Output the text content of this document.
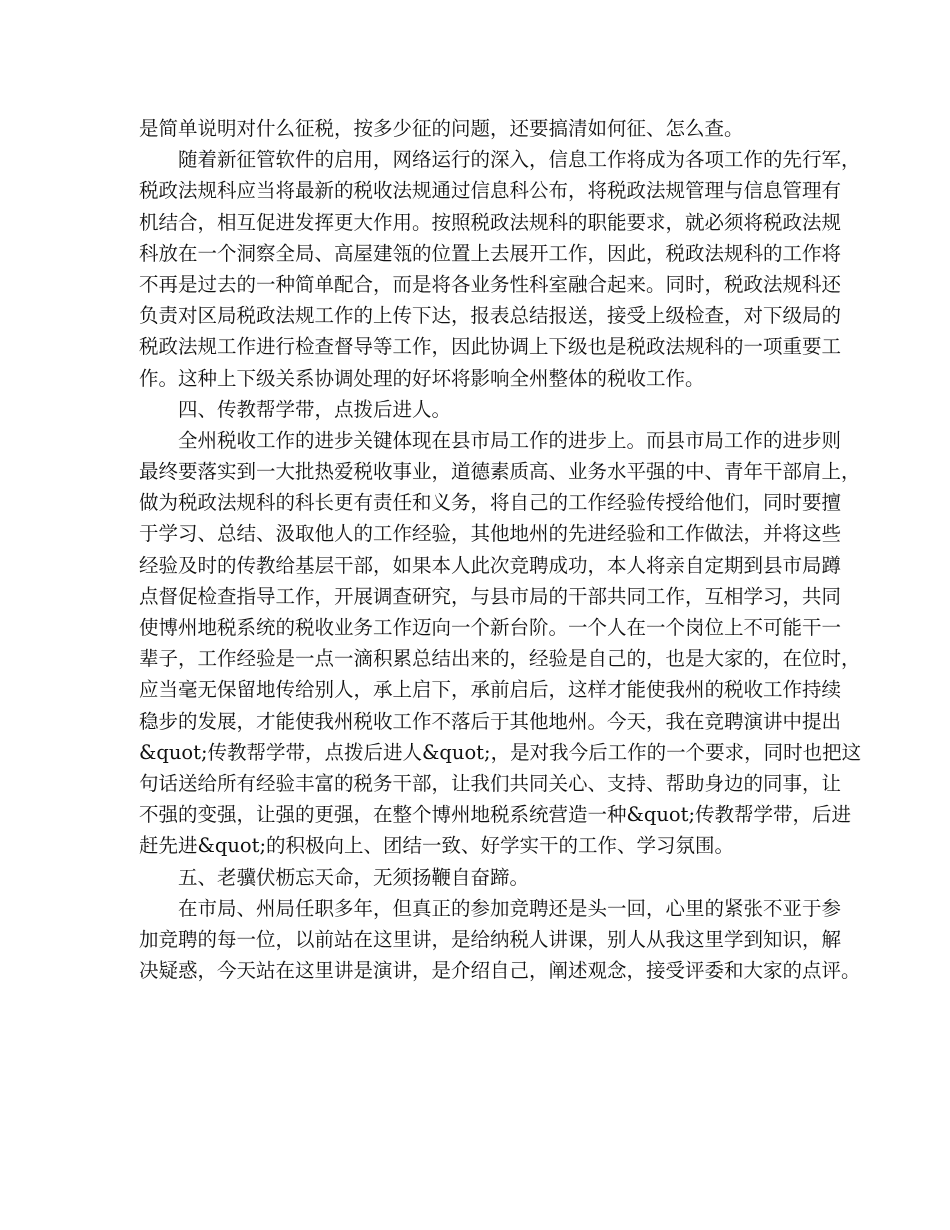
是简单说明对什么征税，按多少征的问题，还要搞清如何征、怎么查。
　　随着新征管软件的启用，网络运行的深入，信息工作将成为各项工作的先行军，
税政法规科应当将最新的税收法规通过信息科公布，将税政法规管理与信息管理有
机结合，相互促进发挥更大作用。按照税政法规科的职能要求，就必须将税政法规
科放在一个洞察全局、高屋建瓴的位置上去展开工作，因此，税政法规科的工作将
不再是过去的一种简单配合，而是将各业务性科室融合起来。同时，税政法规科还
负责对区局税政法规工作的上传下达，报表总结报送，接受上级检查，对下级局的
税政法规工作进行检查督导等工作，因此协调上下级也是税政法规科的一项重要工
作。这种上下级关系协调处理的好坏将影响全州整体的税收工作。
　　四、传教帮学带，点拨后进人。
　　全州税收工作的进步关键体现在县市局工作的进步上。而县市局工作的进步则
最终要落实到一大批热爱税收事业，道德素质高、业务水平强的中、青年干部肩上，
做为税政法规科的科长更有责任和义务，将自己的工作经验传授给他们，同时要擅
于学习、总结、汲取他人的工作经验，其他地州的先进经验和工作做法，并将这些
经验及时的传教给基层干部，如果本人此次竞聘成功，本人将亲自定期到县市局蹲
点督促检查指导工作，开展调查研究，与县市局的干部共同工作，互相学习，共同
使博州地税系统的税收业务工作迈向一个新台阶。一个人在一个岗位上不可能干一
辈子，工作经验是一点一滴积累总结出来的，经验是自己的，也是大家的，在位时，
应当毫无保留地传给别人，承上启下，承前启后，这样才能使我州的税收工作持续
稳步的发展，才能使我州税收工作不落后于其他地州。今天，我在竞聘演讲中提出
&quot;传教帮学带，点拨后进人&quot;，是对我今后工作的一个要求，同时也把这
句话送给所有经验丰富的税务干部，让我们共同关心、支持、帮助身边的同事，让
不强的变强，让强的更强，在整个博州地税系统营造一种&quot;传教帮学带，后进
赶先进&quot;的积极向上、团结一致、好学实干的工作、学习氛围。
　　五、老骥伏枥忘天命，无须扬鞭自奋蹄。
　　在市局、州局任职多年，但真正的参加竞聘还是头一回，心里的紧张不亚于参
加竞聘的每一位，以前站在这里讲，是给纳税人讲课，别人从我这里学到知识，解
决疑惑，今天站在这里讲是演讲，是介绍自己，阐述观念，接受评委和大家的点评。
